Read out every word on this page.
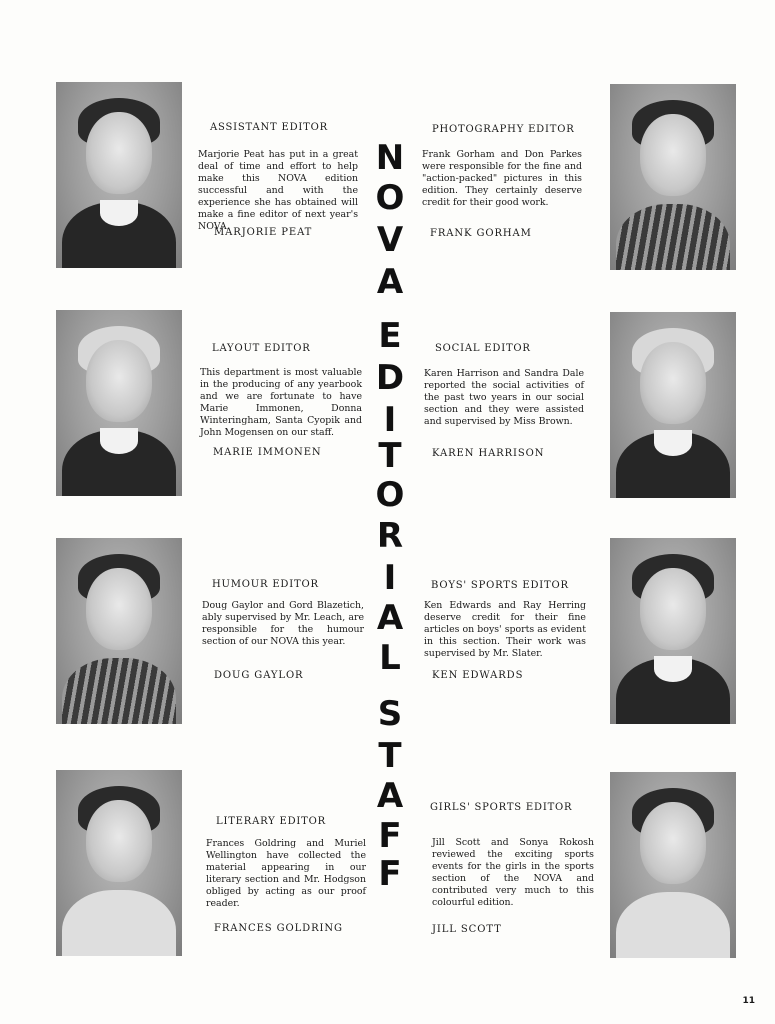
ASSISTANT EDITOR
Marjorie Peat has put in a great deal of time and effort to help make this NOVA edition successful and with the experience she has obtained will make a fine editor of next year's NOVA.
MARJORIE PEAT
LAYOUT EDITOR
This department is most valuable in the producing of any yearbook and we are fortunate to have Marie Immonen, Donna Winteringham, Santa Cyopik and John Mogensen on our staff.
MARIE IMMONEN
HUMOUR EDITOR
Doug Gaylor and Gord Blazetich, ably supervised by Mr. Leach, are responsible for the humour section of our NOVA this year.
DOUG GAYLOR
LITERARY EDITOR
Frances Goldring and Muriel Wellington have collected the material appearing in our literary section and Mr. Hodgson obliged by acting as our proof reader.
FRANCES GOLDRING
PHOTOGRAPHY EDITOR
Frank Gorham and Don Parkes were responsible for the fine and "action-packed" pictures in this edition. They certainly deserve credit for their good work.
FRANK GORHAM
SOCIAL EDITOR
Karen Harrison and Sandra Dale reported the social activities of the past two years in our social section and they were assisted and supervised by Miss Brown.
KAREN HARRISON
BOYS' SPORTS EDITOR
Ken Edwards and Ray Herring deserve credit for their fine articles on boys' sports as evident in this section. Their work was supervised by Mr. Slater.
KEN EDWARDS
GIRLS' SPORTS EDITOR
Jill Scott and Sonya Rokosh reviewed the exciting sports events for the girls in the sports section of the NOVA and contributed very much to this colourful edition.
JILL SCOTT
N
O
V
A
E
D
I
T
O
R
I
A
L
S
T
A
F
F
11
